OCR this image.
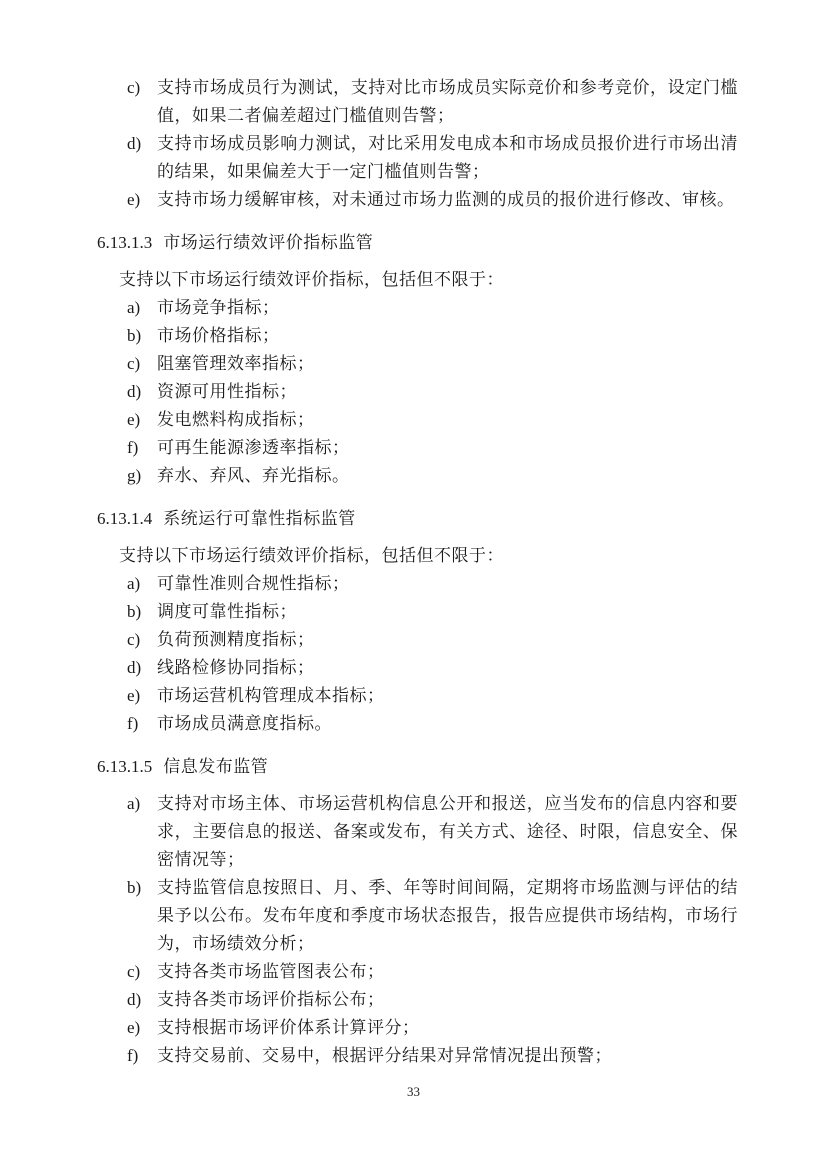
c) 支持市场成员行为测试，支持对比市场成员实际竞价和参考竞价，设定门槛值，如果二者偏差超过门槛值则告警；
d) 支持市场成员影响力测试，对比采用发电成本和市场成员报价进行市场出清的结果，如果偏差大于一定门槛值则告警；
e) 支持市场力缓解审核，对未通过市场力监测的成员的报价进行修改、审核。
6.13.1.3 市场运行绩效评价指标监管

支持以下市场运行绩效评价指标，包括但不限于：

a) 市场竞争指标；
b) 市场价格指标；
c) 阻塞管理效率指标；
d) 资源可用性指标；
e) 发电燃料构成指标；
f)	可再生能源渗透率指标；
g) 弃水、弃风、弃光指标。
6.13.1.4 系统运行可靠性指标监管

支持以下市场运行绩效评价指标，包括但不限于：

a) 可靠性准则合规性指标；
b) 调度可靠性指标；
c) 负荷预测精度指标；
d) 线路检修协同指标；
e) 市场运营机构管理成本指标；
f)	市场成员满意度指标。
6.13.1.5 信息发布监管
a) 支持对市场主体、市场运营机构信息公开和报送，应当发布的信息内容和要求，主要信息的报送、备案或发布，有关方式、途径、时限，信息安全、保密情况等；
b) 支持监管信息按照日、月、季、年等时间间隔，定期将市场监测与评估的结果予以公布。发布年度和季度市场状态报告，报告应提供市场结构，市场行为，市场绩效分析；
c) 支持各类市场监管图表公布；
d) 支持各类市场评价指标公布；
e) 支持根据市场评价体系计算评分；
f)	支持交易前、交易中，根据评分结果对异常情况提出预警；
33
